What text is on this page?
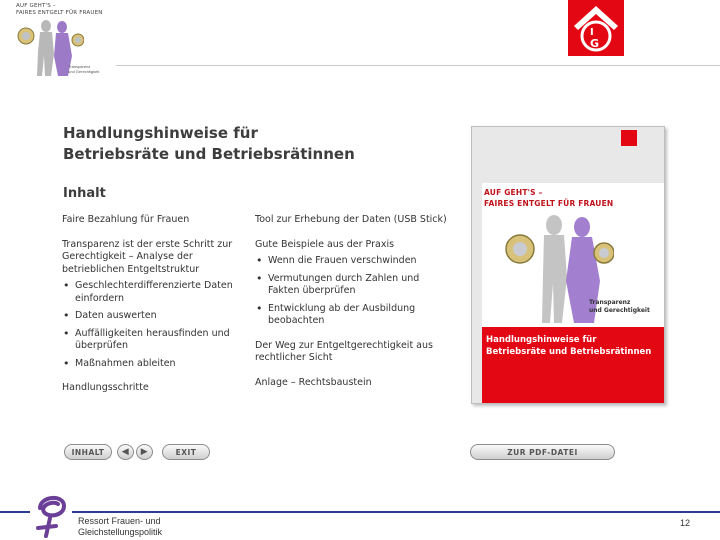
AUF GEHT'S –
FAIRES ENTGELT FÜR FRAUEN
Transparenz
und Gerechtigkeit
I
G
Handlungshinweise für
Betriebsräte und Betriebsrätinnen
Inhalt
Faire Bezahlung für Frauen
Transparenz ist der erste Schritt zur Gerechtigkeit – Analyse der betrieblichen Entgeltstruktur
• Geschlechterdifferenzierte Daten einfordern
• Daten auswerten
• Auffälligkeiten herausfinden und überprüfen
• Maßnahmen ableiten
Handlungsschritte
Tool zur Erhebung der Daten (USB Stick)
Gute Beispiele aus der Praxis
• Wenn die Frauen verschwinden
• Vermutungen durch Zahlen und Fakten überprüfen
• Entwicklung ab der Ausbildung beobachten
Der Weg zur Entgeltgerechtigkeit aus rechtlicher Sicht
Anlage – Rechtsbaustein
AUF GEHT'S –
FAIRES ENTGELT FÜR FRAUEN
Transparenz
und Gerechtigkeit
Handlungshinweise für
Betriebsräte und Betriebsrätinnen
INHALT	◀ ▶	EXIT	ZUR PDF-DATEI
Ressort Frauen- und
Gleichstellungspolitik
12
